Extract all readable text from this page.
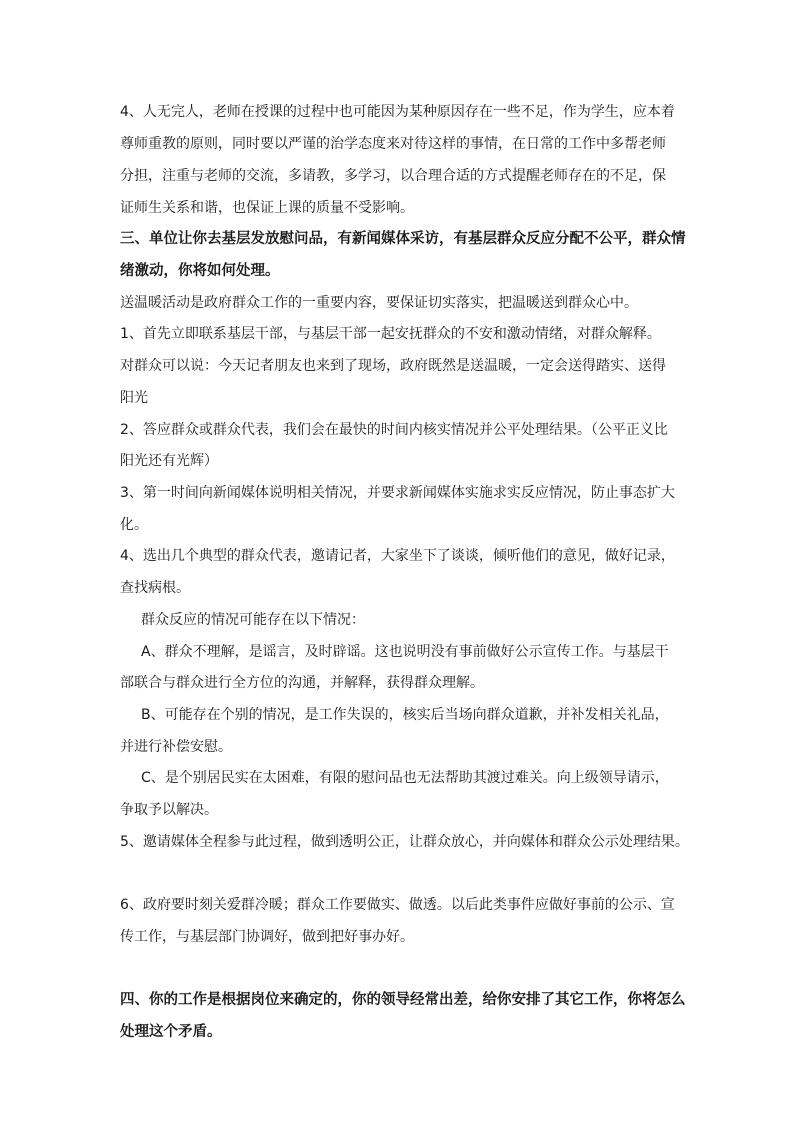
4、人无完人，老师在授课的过程中也可能因为某种原因存在一些不足，作为学生，应本着
尊师重教的原则，同时要以严谨的治学态度来对待这样的事情，在日常的工作中多帮老师
分担，注重与老师的交流，多请教，多学习，以合理合适的方式提醒老师存在的不足，保
证师生关系和谐，也保证上课的质量不受影响。
三、单位让你去基层发放慰问品，有新闻媒体采访，有基层群众反应分配不公平，群众情
绪激动，你将如何处理。
送温暖活动是政府群众工作的一重要内容，要保证切实落实，把温暖送到群众心中。
1、首先立即联系基层干部，与基层干部一起安抚群众的不安和激动情绪，对群众解释。
对群众可以说：今天记者朋友也来到了现场，政府既然是送温暖，一定会送得踏实、送得
阳光
2、答应群众或群众代表，我们会在最快的时间内核实情况并公平处理结果。（公平正义比
阳光还有光辉）
3、第一时间向新闻媒体说明相关情况，并要求新闻媒体实施求实反应情况，防止事态扩大
化。
4、选出几个典型的群众代表，邀请记者，大家坐下了谈谈，倾听他们的意见，做好记录，
查找病根。
群众反应的情况可能存在以下情况：
A、群众不理解，是谣言，及时辟谣。这也说明没有事前做好公示宣传工作。与基层干
部联合与群众进行全方位的沟通，并解释，获得群众理解。
B、可能存在个别的情况，是工作失误的，核实后当场向群众道歉，并补发相关礼品，
并进行补偿安慰。
C、是个别居民实在太困难，有限的慰问品也无法帮助其渡过难关。向上级领导请示，
争取予以解决。
5、邀请媒体全程参与此过程，做到透明公正，让群众放心，并向媒体和群众公示处理结果。
6、政府要时刻关爱群冷暖；群众工作要做实、做透。以后此类事件应做好事前的公示、宣
传工作，与基层部门协调好，做到把好事办好。
四、你的工作是根据岗位来确定的，你的领导经常出差，给你安排了其它工作，你将怎么
处理这个矛盾。
